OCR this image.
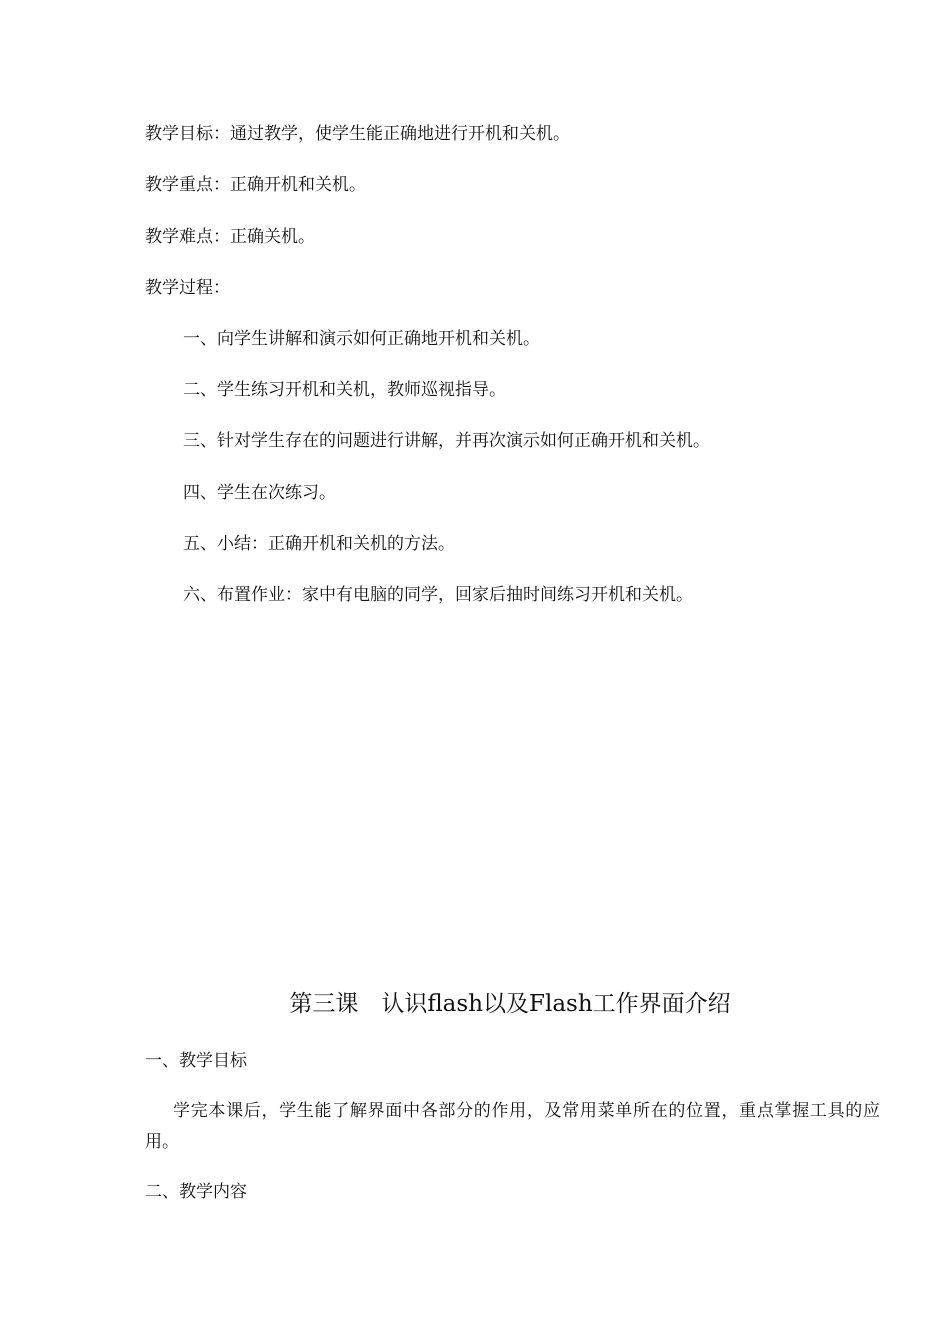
教学目标：通过教学，使学生能正确地进行开机和关机。
教学重点：正确开机和关机。
教学难点：正确关机。
教学过程：
一、向学生讲解和演示如何正确地开机和关机。
二、学生练习开机和关机，教师巡视指导。
三、针对学生存在的问题进行讲解，并再次演示如何正确开机和关机。
四、学生在次练习。
五、小结：正确开机和关机的方法。
六、布置作业：家中有电脑的同学，回家后抽时间练习开机和关机。
第三课　认识flash以及Flash工作界面介绍
一、教学目标
学完本课后，学生能了解界面中各部分的作用，及常用菜单所在的位置，重点掌握工具的应用。
二、教学内容
